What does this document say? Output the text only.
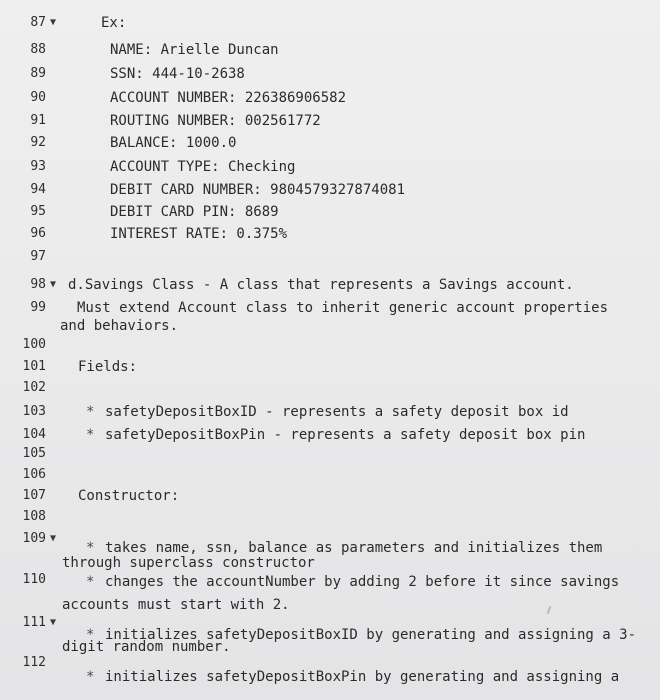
87 ▼	Ex:
88	NAME: Arielle Duncan
89	SSN: 444-10-2638
90	ACCOUNT NUMBER: 226386906582
91	ROUTING NUMBER: 002561772
92	BALANCE: 1000.0
93	ACCOUNT TYPE: Checking
94	DEBIT CARD NUMBER: 9804579327874081
95	DEBIT CARD PIN: 8689
96	INTEREST RATE: 0.375%
97
98 ▼ d.Savings Class - A class that represents a Savings account.
99 Must extend Account class to inherit generic account properties
and behaviors.
100
101 Fields:
102
103	* safetyDepositBoxID - represents a safety deposit box id
104	* safetyDepositBoxPin - represents a safety deposit box pin
105
106
107 Constructor:
108
109 ▼
* takes name, ssn, balance as parameters and initializes them
through superclass constructor
110	* changes the accountNumber by adding 2 before it since savings
accounts must start with 2.
111 ▼
* initializes safetyDepositBoxID by generating and assigning a 3-
digit random number.
112
* initializes safetyDepositBoxPin by generating and assigning a
